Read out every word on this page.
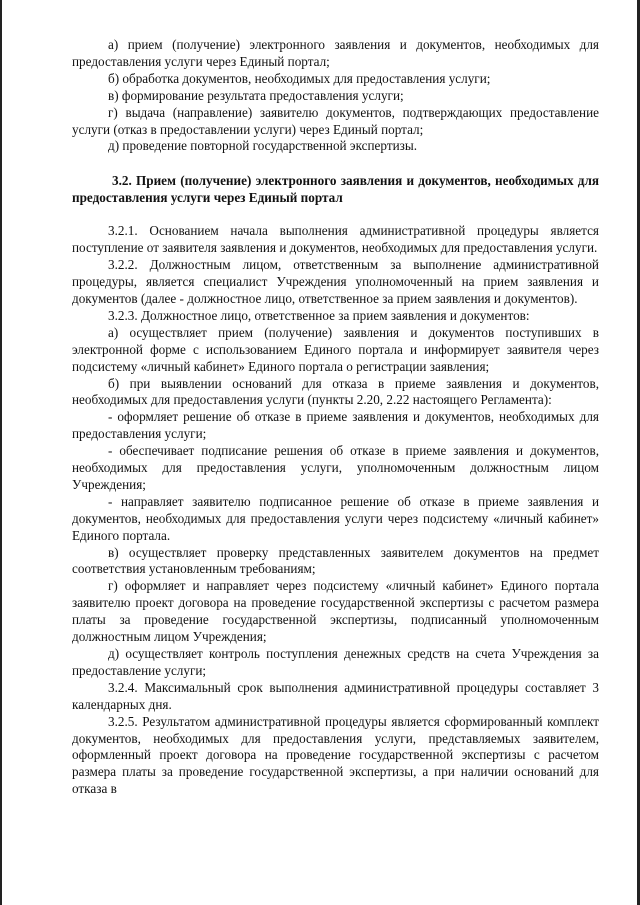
а) прием (получение) электронного заявления и документов, необходимых для предоставления услуги через Единый портал;

б) обработка документов, необходимых для предоставления услуги;

в) формирование результата предоставления услуги;

г) выдача (направление) заявителю документов, подтверждающих предоставление услуги (отказ в предоставлении услуги) через Единый портал;

д) проведение повторной государственной экспертизы.

3.2. Прием (получение) электронного заявления и документов, необходимых для предоставления услуги через Единый портал

3.2.1. Основанием начала выполнения административной процедуры является поступление от заявителя заявления и документов, необходимых для предоставления услуги.

3.2.2. Должностным лицом, ответственным за выполнение административной процедуры, является специалист Учреждения уполномоченный на прием заявления и документов (далее - должностное лицо, ответственное за прием заявления и документов).

3.2.3. Должностное лицо, ответственное за прием заявления и документов:

а) осуществляет прием (получение) заявления и документов поступивших в электронной форме с использованием Единого портала и информирует заявителя через подсистему «личный кабинет» Единого портала о регистрации заявления;

б) при выявлении оснований для отказа в приеме заявления и документов, необходимых для предоставления услуги (пункты 2.20, 2.22 настоящего Регламента):

- оформляет решение об отказе в приеме заявления и документов, необходимых для предоставления услуги;

- обеспечивает подписание решения об отказе в приеме заявления и документов, необходимых для предоставления услуги, уполномоченным должностным лицом Учреждения;

- направляет заявителю подписанное решение об отказе в приеме заявления и документов, необходимых для предоставления услуги через подсистему «личный кабинет» Единого портала.

в) осуществляет проверку представленных заявителем документов на предмет соответствия установленным требованиям;

г) оформляет и направляет через подсистему «личный кабинет» Единого портала заявителю проект договора на проведение государственной экспертизы с расчетом размера платы за проведение государственной экспертизы, подписанный уполномоченным должностным лицом Учреждения;

д) осуществляет контроль поступления денежных средств на счета Учреждения за предоставление услуги;

3.2.4. Максимальный срок выполнения административной процедуры составляет 3 календарных дня.

3.2.5. Результатом административной процедуры является сформированный комплект документов, необходимых для предоставления услуги, представляемых заявителем, оформленный проект договора на проведение государственной экспертизы с расчетом размера платы за проведение государственной экспертизы, а при наличии оснований для отказа в
